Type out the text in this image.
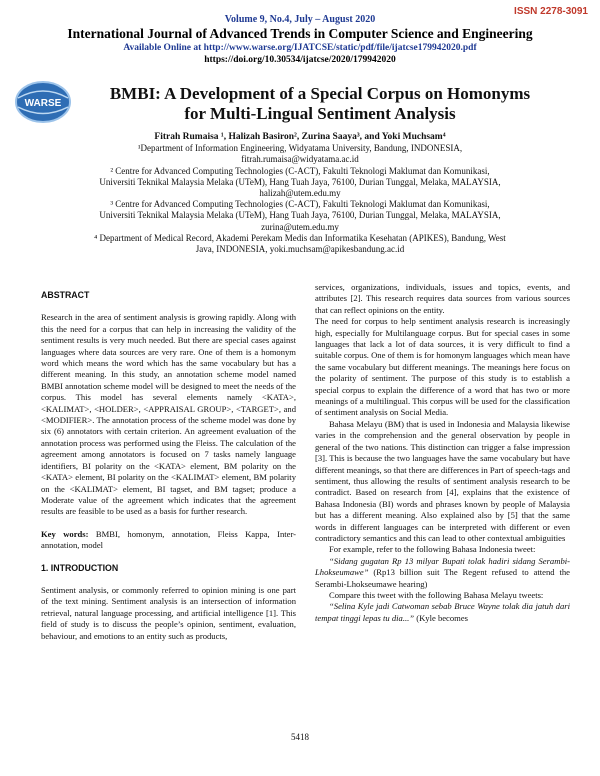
ISSN 2278-3091
Volume 9, No.4, July – August 2020
International Journal of Advanced Trends in Computer Science and Engineering
Available Online at http://www.warse.org/IJATCSE/static/pdf/file/ijatcse179942020.pdf
https://doi.org/10.30534/ijatcse/2020/179942020
WARSE
BMBI: A Development of a Special Corpus on Homonyms
for Multi-Lingual Sentiment Analysis
Fitrah Rumaisa ¹, Halizah Basiron², Zurina Saaya³, and Yoki Muchsam⁴
¹Department of Information Engineering, Widyatama University, Bandung, INDONESIA,
fitrah.rumaisa@widyatama.ac.id
² Centre for Advanced Computing Technologies (C-ACT), Fakulti Teknologi Maklumat dan Komunikasi,
Universiti Teknikal Malaysia Melaka (UTeM), Hang Tuah Jaya, 76100, Durian Tunggal, Melaka, MALAYSIA,
halizah@utem.edu.my
³ Centre for Advanced Computing Technologies (C-ACT), Fakulti Teknologi Maklumat dan Komunikasi,
Universiti Teknikal Malaysia Melaka (UTeM), Hang Tuah Jaya, 76100, Durian Tunggal, Melaka, MALAYSIA,
zurina@utem.edu.my
⁴ Department of Medical Record, Akademi Perekam Medis dan Informatika Kesehatan (APIKES), Bandung, West
Java, INDONESIA, yoki.muchsam@apikesbandung.ac.id

ABSTRACT

Research in the area of sentiment analysis is growing rapidly. Along with this the need for a corpus that can help in increasing the validity of the sentiment results is very much needed. But there are special cases against languages where data sources are very rare. One of them is a homonym word which means the word which has the same vocabulary but has a different meaning. In this study, an annotation scheme model named BMBI annotation scheme model will be designed to meet the needs of the corpus. This model has several elements namely <KATA>, <KALIMAT>, <HOLDER>, <APPRAISAL GROUP>, <TARGET>, and <MODIFIER>. The annotation process of the scheme model was done by six (6) annotators with certain criterion. An agreement evaluation of the annotation process was performed using the Fleiss. The calculation of the agreement among annotators is focused on 7 tasks namely language identifiers, BI polarity on the <KATA> element, BM polarity on the <KATA> element, BI polarity on the <KALIMAT> element, BM polarity on the <KALIMAT> element, BI tagset, and BM tagset; produce a Moderate value of the agreement which indicates that the agreement results are feasible to be used as a basis for further research.

Key words: BMBI, homonym, annotation, Fleiss Kappa, Inter-annotation, model

1. INTRODUCTION

Sentiment analysis, or commonly referred to opinion mining is one part of the text mining. Sentiment analysis is an intersection of information retrieval, natural language processing, and artificial intelligence [1]. This field of study is to discuss the people’s opinion, sentiment, evaluation, behaviour, and emotions to an entity such as products,

services, organizations, individuals, issues and topics, events, and attributes [2]. This research requires data sources from various sources that can reflect opinions on the entity.

The need for corpus to help sentiment analysis research is increasingly high, especially for Multilanguage corpus. But for special cases in some languages that lack a lot of data sources, it is very difficult to find a suitable corpus. One of them is for homonym languages which mean have the same vocabulary but different meanings. The meanings here focus on the polarity of sentiment. The purpose of this study is to establish a special corpus to explain the difference of a word that has two or more meanings of a multilingual. This corpus will be used for the classification of sentiment analysis on Social Media.

Bahasa Melayu (BM) that is used in Indonesia and Malaysia likewise varies in the comprehension and the general observation by people in general of the two nations. This distinction can trigger a false impression [3]. This is because the two languages have the same vocabulary but have different meanings, so that there are differences in Part of speech-tags and sentiment, thus allowing the results of sentiment analysis research to be contradict. Based on research from [4], explains that the existence of Bahasa Indonesia (BI) words and phrases known by people of Malaysia but has a different meaning. Also explained also by [5] that the same words in different languages can be interpreted with different or even contradictory semantics and this can lead to other contextual ambiguities

For example, refer to the following Bahasa Indonesia tweet:

“Sidang gugatan Rp 13 milyar Bupati tolak hadiri sidang Serambi-Lhokseumawe” (Rp13 billion suit The Regent refused to attend the Serambi-Lhokseumawe hearing)

Compare this tweet with the following Bahasa Melayu tweets:

“Selina Kyle jadi Catwoman sebab Bruce Wayne tolak dia jatuh dari tempat tinggi lepas tu dia...” (Kyle becomes

5418
